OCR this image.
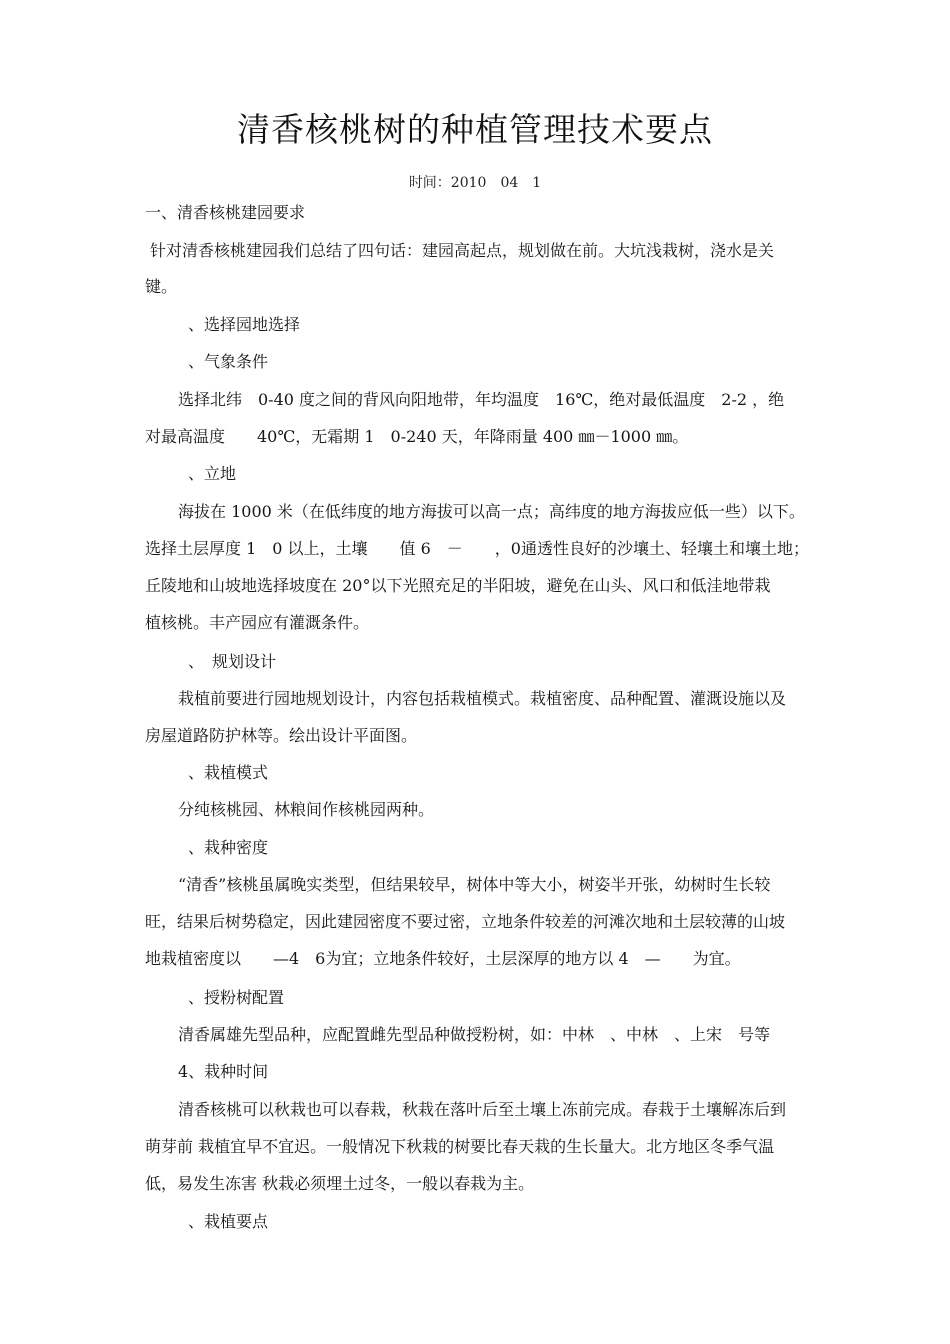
清香核桃树的种植管理技术要点
时间：2010　04　1
一、清香核桃建园要求
针对清香核桃建园我们总结了四句话：建园高起点，规划做在前。大坑浅栽树，浇水是关
键。
、选择园地选择
、气象条件
选择北纬　0-40 度之间的背风向阳地带，年均温度　16℃，绝对最低温度　2-2 ，绝
对最高温度　　40℃，无霜期 1　0-240 天，年降雨量 400 ㎜－1000 ㎜。
、立地
海拔在 1000 米（在低纬度的地方海拔可以高一点；高纬度的地方海拔应低一些）以下。
选择土层厚度 1　0 以上，土壤　　值 6　－　　，0通透性良好的沙壤土、轻壤土和壤土地；
丘陵地和山坡地选择坡度在 20°以下光照充足的半阳坡，避免在山头、风口和低洼地带栽
植核桃。丰产园应有灌溉条件。
、　规划设计
栽植前要进行园地规划设计，内容包括栽植模式。栽植密度、品种配置、灌溉设施以及
房屋道路防护林等。绘出设计平面图。
、栽植模式
分纯核桃园、林粮间作核桃园两种。
、栽种密度
“清香”核桃虽属晚实类型，但结果较早，树体中等大小，树姿半开张，幼树时生长较
旺，结果后树势稳定，因此建园密度不要过密，立地条件较差的河滩次地和土层较薄的山坡
地栽植密度以　　—4　6为宜；立地条件较好，土层深厚的地方以 4　—　　为宜。
、授粉树配置
清香属雄先型品种，应配置雌先型品种做授粉树，如：中林　、中林　、上宋　号等
4、栽种时间
清香核桃可以秋栽也可以春栽，秋栽在落叶后至土壤上冻前完成。春栽于土壤解冻后到
萌芽前 栽植宜早不宜迟。一般情况下秋栽的树要比春天栽的生长量大。北方地区冬季气温
低，易发生冻害 秋栽必须埋土过冬，一般以春栽为主。
、栽植要点
